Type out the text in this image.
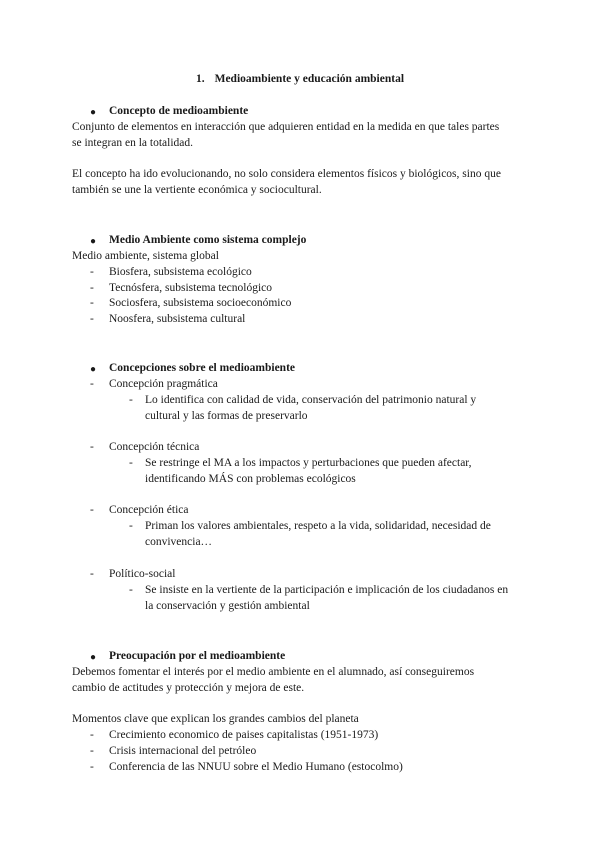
1. Medioambiente y educación ambiental
● Concepto de medioambiente
Conjunto de elementos en interacción que adquieren entidad en la medida en que tales partes
se integran en la totalidad.
El concepto ha ido evolucionando, no solo considera elementos físicos y biológicos, sino que
también se une la vertiente económica y sociocultural.
● Medio Ambiente como sistema complejo
Medio ambiente, sistema global
- Biosfera, subsistema ecológico
- Tecnósfera, subsistema tecnológico
- Sociosfera, subsistema socioeconómico
- Noosfera, subsistema cultural
● Concepciones sobre el medioambiente
- Concepción pragmática
- Lo identifica con calidad de vida, conservación del patrimonio natural y
cultural y las formas de preservarlo
- Concepción técnica
- Se restringe el MA a los impactos y perturbaciones que pueden afectar,
identificando MÁS con problemas ecológicos
- Concepción ética
- Priman los valores ambientales, respeto a la vida, solidaridad, necesidad de
convivencia…
- Político-social
- Se insiste en la vertiente de la participación e implicación de los ciudadanos en
la conservación y gestión ambiental
● Preocupación por el medioambiente
Debemos fomentar el interés por el medio ambiente en el alumnado, así conseguiremos
cambio de actitudes y protección y mejora de este.
Momentos clave que explican los grandes cambios del planeta
- Crecimiento economico de paises capitalistas (1951-1973)
- Crisis internacional del petróleo
- Conferencia de las NNUU sobre el Medio Humano (estocolmo)
